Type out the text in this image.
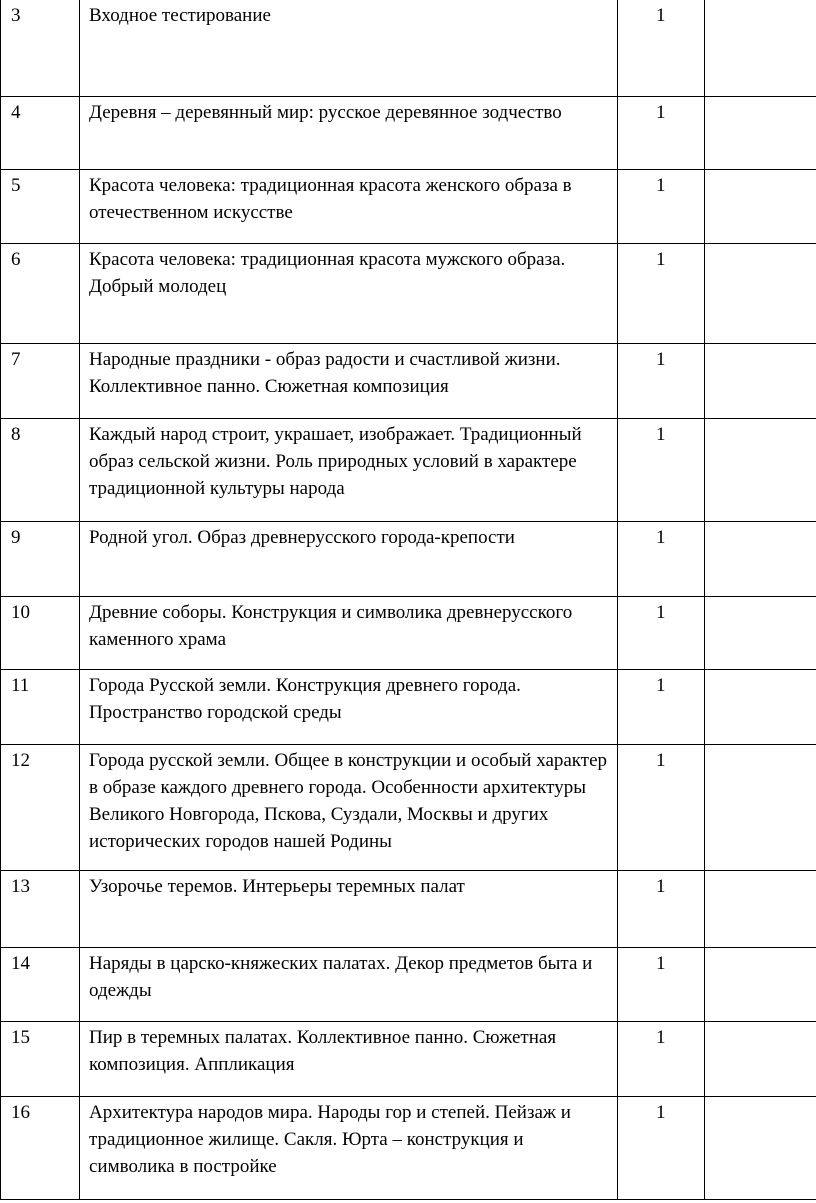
3	Входное тестирование	1	
4	Деревня – деревянный мир: русское деревянное зодчество	1	
5	Красота человека: традиционная красота женского образа в отечественном искусстве	1	
6	Красота человека: традиционная красота мужского образа. Добрый молодец	1	
7	Народные праздники - образ радости и счастливой жизни. Коллективное панно. Сюжетная композиция	1	
8	Каждый народ строит, украшает, изображает. Традиционный образ сельской жизни. Роль природных условий в характере традиционной культуры народа	1	
9	Родной угол. Образ древнерусского города-крепости	1	
10	Древние соборы. Конструкция и символика древнерусского каменного храма	1	
11	Города Русской земли. Конструкция древнего города. Пространство городской среды	1	
12	Города русской земли. Общее в конструкции и особый характер в образе каждого древнего города. Особенности архитектуры Великого Новгорода, Пскова, Суздали, Москвы и других исторических городов нашей Родины	1	
13	Узорочье теремов. Интерьеры теремных палат	1	
14	Наряды в царско-княжеских палатах. Декор предметов быта и одежды	1	
15	Пир в теремных палатах. Коллективное панно. Сюжетная композиция. Аппликация	1	
16	Архитектура народов мира. Народы гор и степей. Пейзаж и традиционное жилище. Сакля. Юрта – конструкция и символика в постройке	1	
